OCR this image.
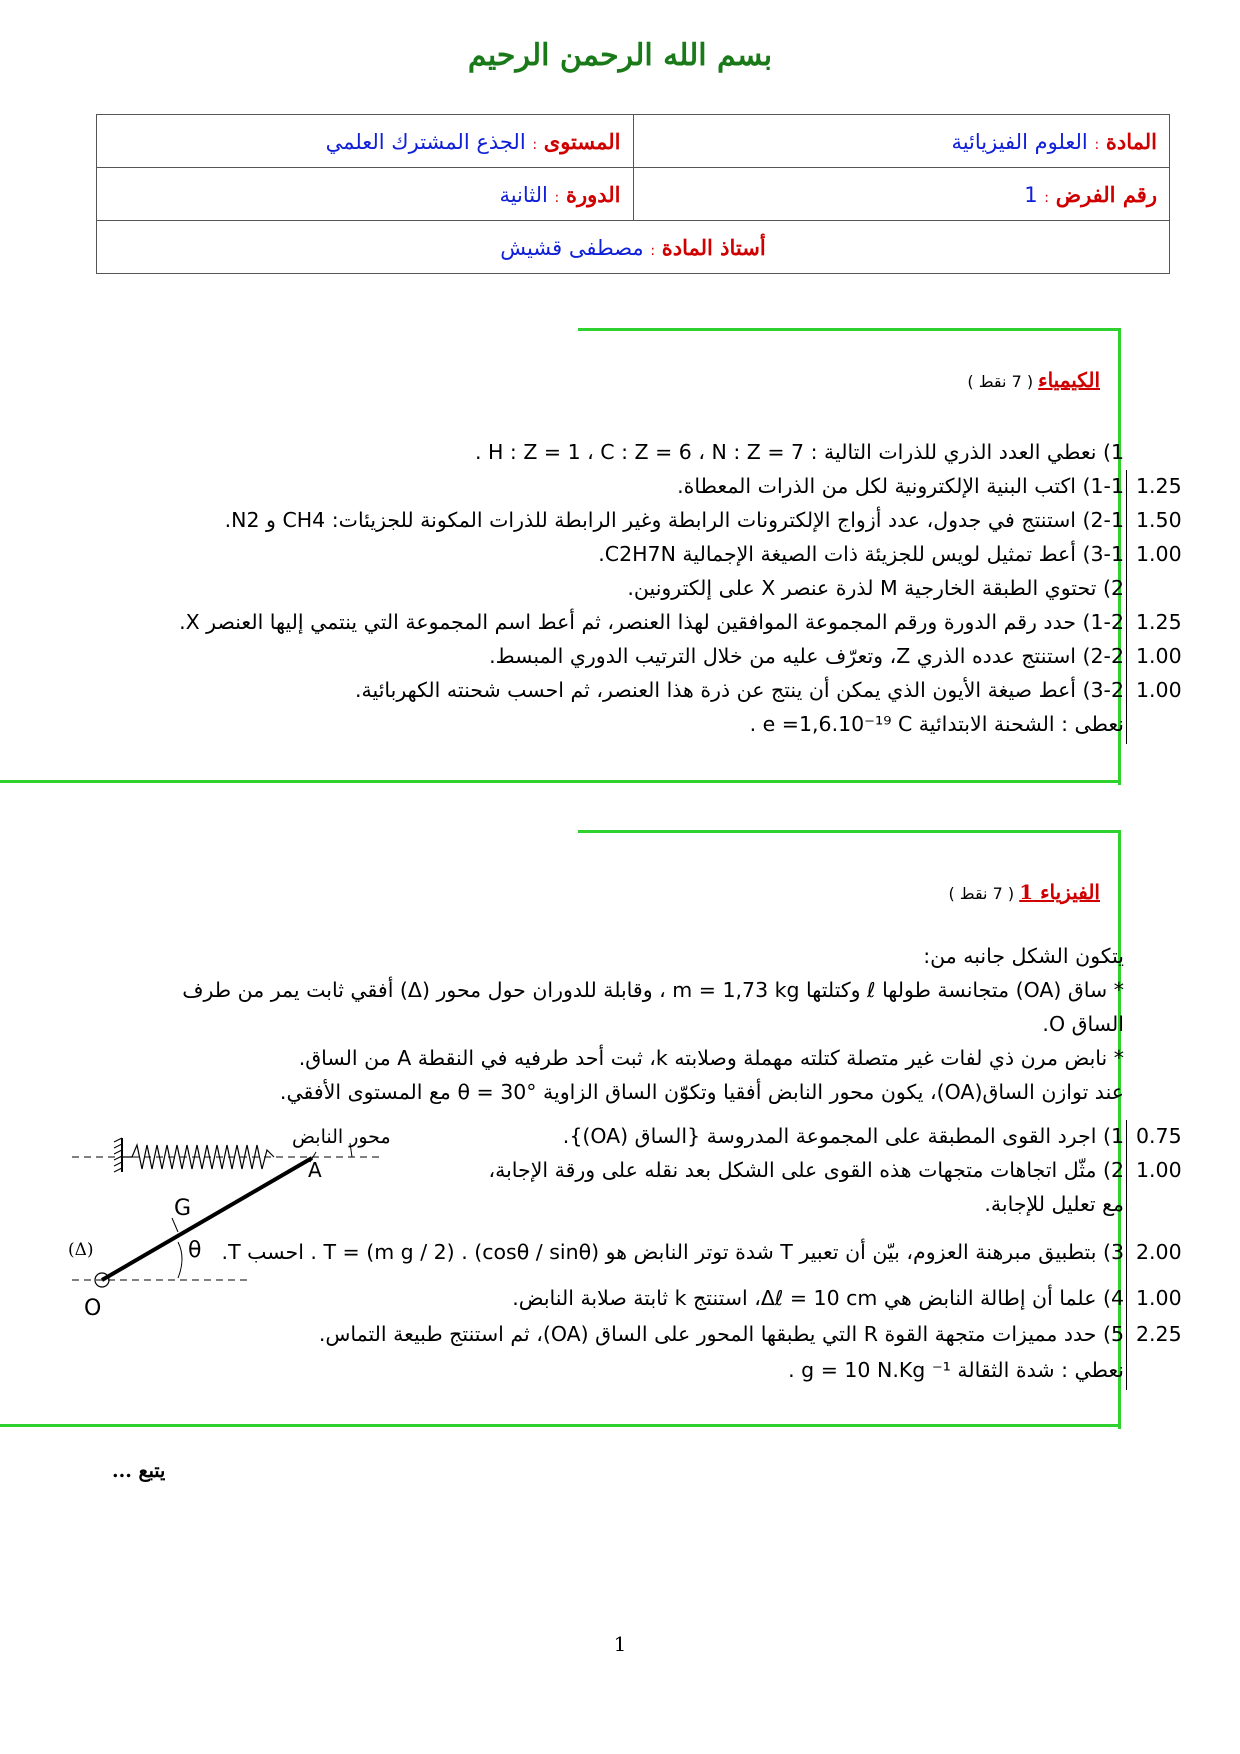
بسم الله الرحمن الرحيم
المادة : العلوم الفيزيائية	المستوى : الجذع المشترك العلمي
رقم الفرض : 1	الدورة : الثانية
أستاذ المادة : مصطفى قشيش	
الكيمياء ( 7 نقط )
1) نعطي العدد الذري للذرات التالية : H : Z = 1 ، C : Z = 6 ، N : Z = 7 .
1-1) اكتب البنية الإلكترونية لكل من الذرات المعطاة. 1.25
2-1) استنتج في جدول، عدد أزواج الإلكترونات الرابطة وغير الرابطة للذرات المكونة للجزيئات: CH4 و N2. 1.50
3-1) أعط تمثيل لويس للجزيئة ذات الصيغة الإجمالية C2H7N. 1.00
2) تحتوي الطبقة الخارجية M لذرة عنصر X على إلكترونين.
1-2) حدد رقم الدورة ورقم المجموعة الموافقين لهذا العنصر، ثم أعط اسم المجموعة التي ينتمي إليها العنصر X. 1.25
2-2) استنتج عدده الذري Z، وتعرّف عليه من خلال الترتيب الدوري المبسط. 1.00
3-2) أعط صيغة الأيون الذي يمكن أن ينتج عن ذرة هذا العنصر، ثم احسب شحنته الكهربائية. 1.00
نعطى : الشحنة الابتدائية e =1,6.10⁻¹⁹ C .
الفيزياء 1 ( 7 نقط )
يتكون الشكل جانبه من:
* ساق (OA) متجانسة طولها ℓ وكتلتها m = 1,73 kg ، وقابلة للدوران حول محور (Δ) أفقي ثابت يمر من طرف
الساق O.
* نابض مرن ذي لفات غير متصلة كتلته مهملة وصلابته k، ثبت أحد طرفيه في النقطة A من الساق.
عند توازن الساق(OA)، يكون محور النابض أفقيا وتكوّن الساق الزاوية θ = 30° مع المستوى الأفقي.
1) اجرد القوى المطبقة على المجموعة المدروسة {الساق (OA)}. 0.75
2) مثّل اتجاهات متجهات هذه القوى على الشكل بعد نقله على ورقة الإجابة، 1.00
مع تعليل للإجابة.
3) بتطبيق مبرهنة العزوم، بيّن أن تعبير T شدة توتر النابض هو T = (m g / 2) . (cosθ / sinθ) . احسب T. 2.00
4) علما أن إطالة النابض هي Δℓ = 10 cm، استنتج k ثابتة صلابة النابض. 1.00
5) حدد مميزات متجهة القوة R التي يطبقها المحور على الساق (OA)، ثم استنتج طبيعة التماس. 2.25
نعطي : شدة الثقالة g = 10 N.Kg ⁻¹ .
محور النابض
A
G
θ
(Δ)
O
يتبع ...
1
